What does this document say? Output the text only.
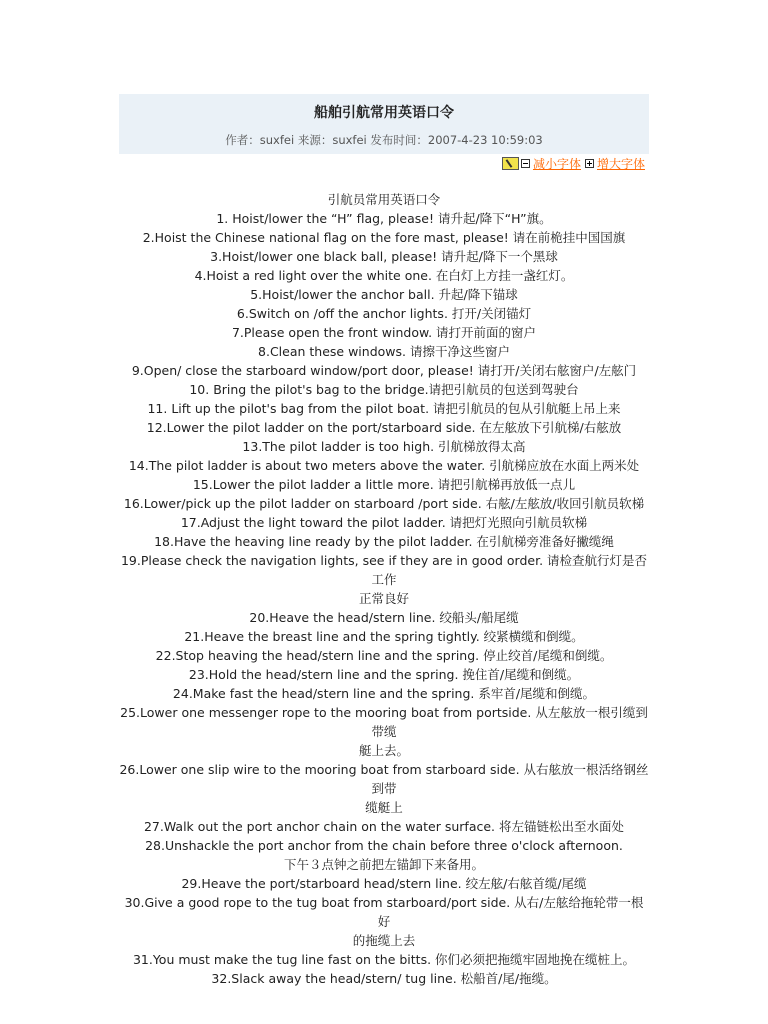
船舶引航常用英语口令
作者：suxfei 来源：suxfei 发布时间：2007-4-23 10:59:03
减小字体 增大字体
引航员常用英语口令
1. Hoist/lower the “H” flag, please! 请升起/降下“H”旗。
2.Hoist the Chinese national flag on the fore mast, please! 请在前桅挂中国国旗
3.Hoist/lower one black ball, please! 请升起/降下一个黑球
4.Hoist a red light over the white one. 在白灯上方挂一盏红灯。
5.Hoist/lower the anchor ball. 升起/降下锚球
6.Switch on /off the anchor lights. 打开/关闭锚灯
7.Please open the front window. 请打开前面的窗户
8.Clean these windows. 请擦干净这些窗户
9.Open/ close the starboard window/port door, please! 请打开/关闭右舷窗户/左舷门
10. Bring the pilot's bag to the bridge.请把引航员的包送到驾驶台
11. Lift up the pilot's bag from the pilot boat. 请把引航员的包从引航艇上吊上来
12.Lower the pilot ladder on the port/starboard side. 在左舷放下引航梯/右舷放
13.The pilot ladder is too high. 引航梯放得太高
14.The pilot ladder is about two meters above the water. 引航梯应放在水面上两米处
15.Lower the pilot ladder a little more. 请把引航梯再放低一点儿
16.Lower/pick up the pilot ladder on starboard /port side. 右舷/左舷放/收回引航员软梯
17.Adjust the light toward the pilot ladder. 请把灯光照向引航员软梯
18.Have the heaving line ready by the pilot ladder. 在引航梯旁准备好撇缆绳
19.Please check the navigation lights, see if they are in good order. 请检查航行灯是否工作
正常良好
20.Heave the head/stern line. 绞船头/船尾缆
21.Heave the breast line and the spring tightly. 绞紧横缆和倒缆。
22.Stop heaving the head/stern line and the spring. 停止绞首/尾缆和倒缆。
23.Hold the head/stern line and the spring. 挽住首/尾缆和倒缆。
24.Make fast the head/stern line and the spring. 系牢首/尾缆和倒缆。
25.Lower one messenger rope to the mooring boat from portside. 从左舷放一根引缆到带缆
艇上去。
26.Lower one slip wire to the mooring boat from starboard side. 从右舷放一根活络钢丝到带
缆艇上
27.Walk out the port anchor chain on the water surface. 将左锚链松出至水面处
28.Unshackle the port anchor from the chain before three o'clock afternoon.
下午３点钟之前把左锚卸下来备用。
29.Heave the port/starboard head/stern line. 绞左舷/右舷首缆/尾缆
30.Give a good rope to the tug boat from starboard/port side. 从右/左舷给拖轮带一根好
的拖缆上去
31.You must make the tug line fast on the bitts. 你们必须把拖缆牢固地挽在缆桩上。
32.Slack away the head/stern/ tug line. 松船首/尾/拖缆。
